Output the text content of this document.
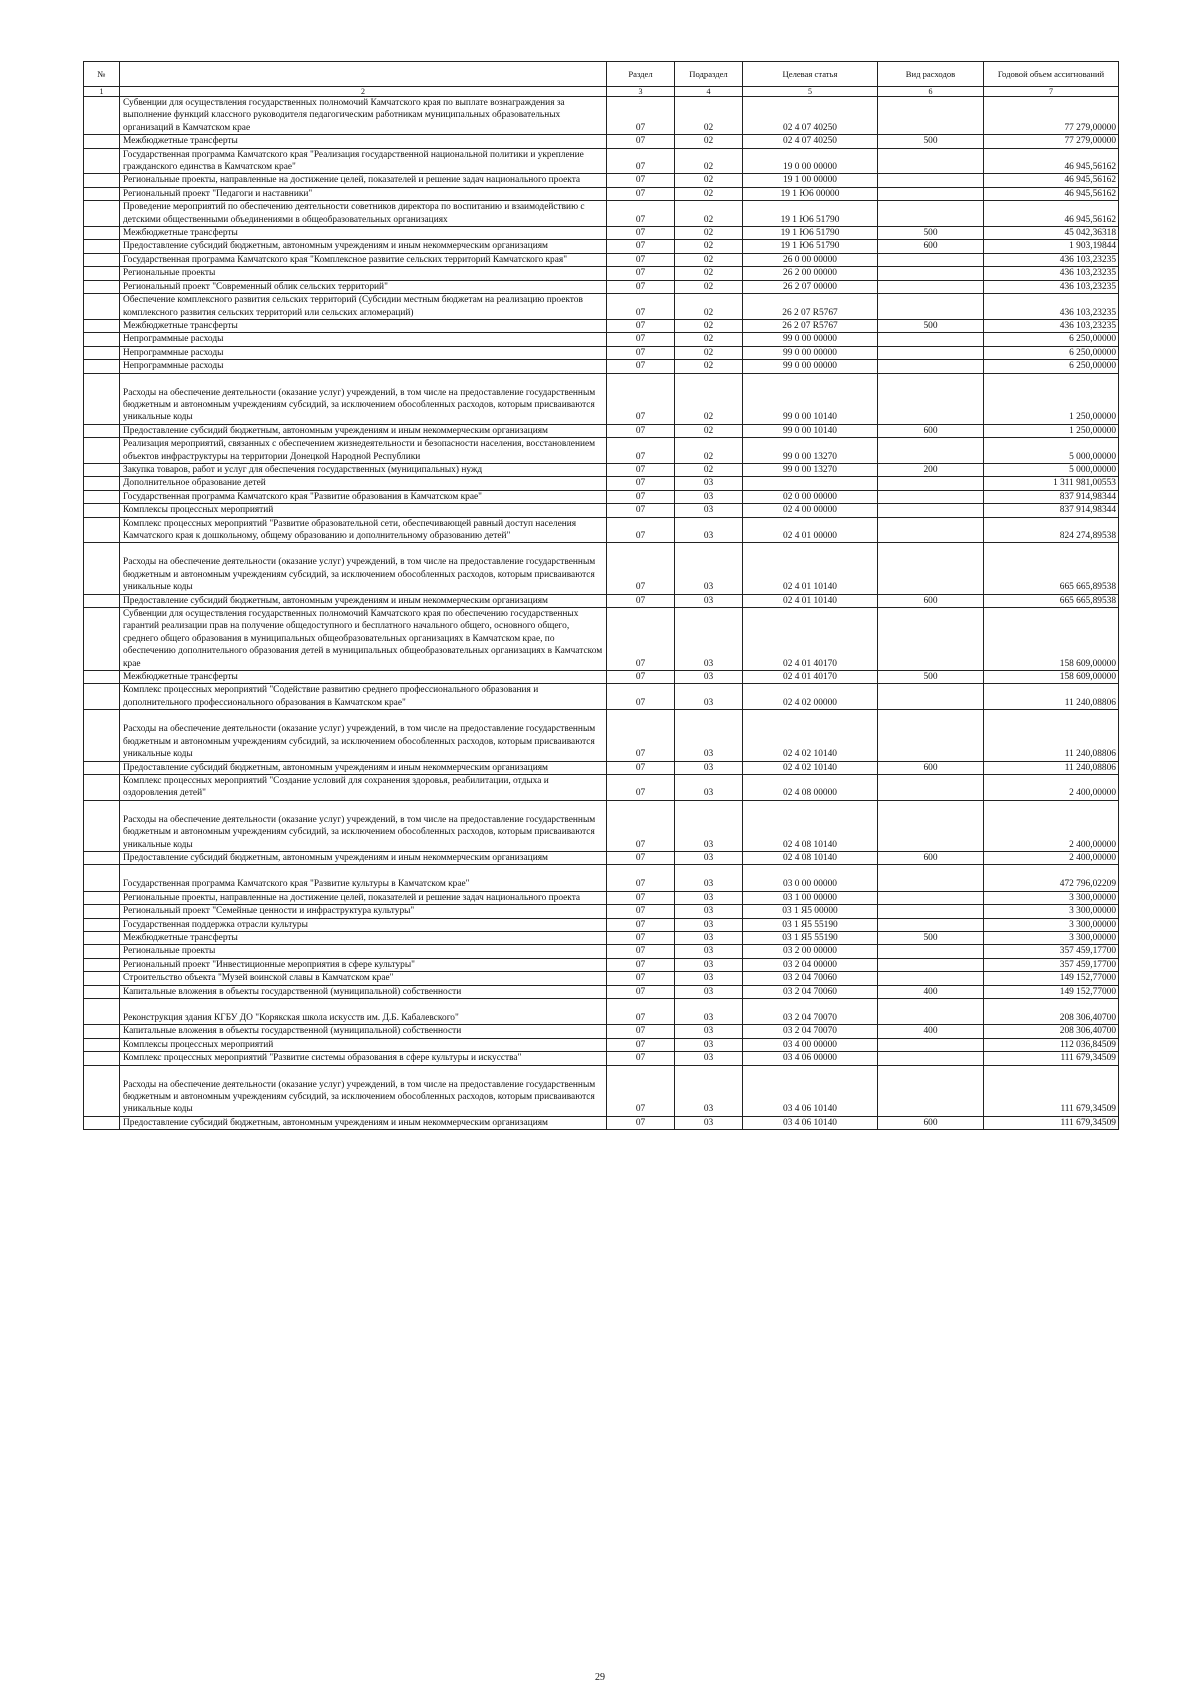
№		Раздел	Подраздел	Целевая статья	Вид расходов	Годовой объем ассигнований
1	2	3	4	5	6	7
	Субвенции для осуществления государственных полномочий Камчатского края по выплате вознаграждения за выполнение функций классного руководителя педагогическим работникам муниципальных образовательных организаций в Камчатском крае	07	02	02 4 07 40250		77 279,00000
	Межбюджетные трансферты	07	02	02 4 07 40250	500	77 279,00000
	Государственная программа Камчатского края "Реализация государственной национальной политики и укрепление гражданского единства в Камчатском крае"	07	02	19 0 00 00000		46 945,56162
	Региональные проекты, направленные на достижение целей, показателей и решение задач национального проекта	07	02	19 1 00 00000		46 945,56162
	Региональный проект "Педагоги и наставники"	07	02	19 1 Ю6 00000		46 945,56162
	Проведение мероприятий по обеспечению деятельности советников директора по воспитанию и взаимодействию с детскими общественными объединениями в общеобразовательных организациях	07	02	19 1 Ю6 51790		46 945,56162
	Межбюджетные трансферты	07	02	19 1 Ю6 51790	500	45 042,36318
	Предоставление субсидий бюджетным, автономным учреждениям и иным некоммерческим организациям	07	02	19 1 Ю6 51790	600	1 903,19844
	Государственная программа Камчатского края "Комплексное развитие сельских территорий Камчатского края"	07	02	26 0 00 00000		436 103,23235
	Региональные проекты	07	02	26 2 00 00000		436 103,23235
	Региональный проект "Современный облик сельских территорий"	07	02	26 2 07 00000		436 103,23235
	Обеспечение комплексного развития сельских территорий (Субсидии местным бюджетам на реализацию проектов комплексного развития сельских территорий или сельских агломераций)	07	02	26 2 07 R5767		436 103,23235
	Межбюджетные трансферты	07	02	26 2 07 R5767	500	436 103,23235
	Непрограммные расходы	07	02	99 0 00 00000		6 250,00000
	Непрограммные расходы	07	02	99 0 00 00000		6 250,00000
	Непрограммные расходы	07	02	99 0 00 00000		6 250,00000
	Расходы на обеспечение деятельности (оказание услуг) учреждений, в том числе на предоставление государственным бюджетным и автономным учреждениям субсидий, за исключением обособленных расходов, которым присваиваются уникальные коды	07	02	99 0 00 10140		1 250,00000
	Предоставление субсидий бюджетным, автономным учреждениям и иным некоммерческим организациям	07	02	99 0 00 10140	600	1 250,00000
	Реализация мероприятий, связанных с обеспечением жизнедеятельности и безопасности населения, восстановлением объектов инфраструктуры на территории Донецкой Народной Республики	07	02	99 0 00 13270		5 000,00000
	Закупка товаров, работ и услуг для обеспечения государственных (муниципальных) нужд	07	02	99 0 00 13270	200	5 000,00000
	Дополнительное образование детей	07	03			1 311 981,00553
	Государственная программа Камчатского края "Развитие образования в Камчатском крае"	07	03	02 0 00 00000		837 914,98344
	Комплексы процессных мероприятий	07	03	02 4 00 00000		837 914,98344
	Комплекс процессных мероприятий "Развитие образовательной сети, обеспечивающей равный доступ населения Камчатского края к дошкольному, общему образованию и дополнительному образованию детей"	07	03	02 4 01 00000		824 274,89538
	Расходы на обеспечение деятельности (оказание услуг) учреждений, в том числе на предоставление государственным бюджетным и автономным учреждениям субсидий, за исключением обособленных расходов, которым присваиваются уникальные коды	07	03	02 4 01 10140		665 665,89538
	Предоставление субсидий бюджетным, автономным учреждениям и иным некоммерческим организациям	07	03	02 4 01 10140	600	665 665,89538
	Субвенции для осуществления государственных полномочий Камчатского края по обеспечению государственных гарантий реализации прав на получение общедоступного и бесплатного начального общего, основного общего, среднего общего образования в муниципальных общеобразовательных организациях в Камчатском крае, по обеспечению дополнительного образования детей в муниципальных общеобразовательных организациях в Камчатском крае	07	03	02 4 01 40170		158 609,00000
	Межбюджетные трансферты	07	03	02 4 01 40170	500	158 609,00000
	Комплекс процессных мероприятий "Содействие развитию среднего профессионального образования и дополнительного профессионального образования в Камчатском крае"	07	03	02 4 02 00000		11 240,08806
	Расходы на обеспечение деятельности (оказание услуг) учреждений, в том числе на предоставление государственным бюджетным и автономным учреждениям субсидий, за исключением обособленных расходов, которым присваиваются уникальные коды	07	03	02 4 02 10140		11 240,08806
	Предоставление субсидий бюджетным, автономным учреждениям и иным некоммерческим организациям	07	03	02 4 02 10140	600	11 240,08806
	Комплекс процессных мероприятий "Создание условий для сохранения здоровья, реабилитации, отдыха и оздоровления детей"	07	03	02 4 08 00000		2 400,00000
	Расходы на обеспечение деятельности (оказание услуг) учреждений, в том числе на предоставление государственным бюджетным и автономным учреждениям субсидий, за исключением обособленных расходов, которым присваиваются уникальные коды	07	03	02 4 08 10140		2 400,00000
	Предоставление субсидий бюджетным, автономным учреждениям и иным некоммерческим организациям	07	03	02 4 08 10140	600	2 400,00000
	Государственная программа Камчатского края "Развитие культуры в Камчатском крае"	07	03	03 0 00 00000		472 796,02209
	Региональные проекты, направленные на достижение целей, показателей и решение задач национального проекта	07	03	03 1 00 00000		3 300,00000
	Региональный проект "Семейные ценности и инфраструктура культуры"	07	03	03 1 Я5 00000		3 300,00000
	Государственная поддержка отрасли культуры	07	03	03 1 Я5 55190		3 300,00000
	Межбюджетные трансферты	07	03	03 1 Я5 55190	500	3 300,00000
	Региональные проекты	07	03	03 2 00 00000		357 459,17700
	Региональный проект "Инвестиционные мероприятия в сфере культуры"	07	03	03 2 04 00000		357 459,17700
	Строительство объекта "Музей воинской славы в Камчатском крае"	07	03	03 2 04 70060		149 152,77000
	Капитальные вложения в объекты государственной (муниципальной) собственности	07	03	03 2 04 70060	400	149 152,77000
	Реконструкция здания КГБУ ДО "Корякская школа искусств им. Д.Б. Кабалевского"	07	03	03 2 04 70070		208 306,40700
	Капитальные вложения в объекты государственной (муниципальной) собственности	07	03	03 2 04 70070	400	208 306,40700
	Комплексы процессных мероприятий	07	03	03 4 00 00000		112 036,84509
	Комплекс процессных мероприятий "Развитие системы образования в сфере культуры и искусства"	07	03	03 4 06 00000		111 679,34509
	Расходы на обеспечение деятельности (оказание услуг) учреждений, в том числе на предоставление государственным бюджетным и автономным учреждениям субсидий, за исключением обособленных расходов, которым присваиваются уникальные коды	07	03	03 4 06 10140		111 679,34509
	Предоставление субсидий бюджетным, автономным учреждениям и иным некоммерческим организациям	07	03	03 4 06 10140	600	111 679,34509
29
